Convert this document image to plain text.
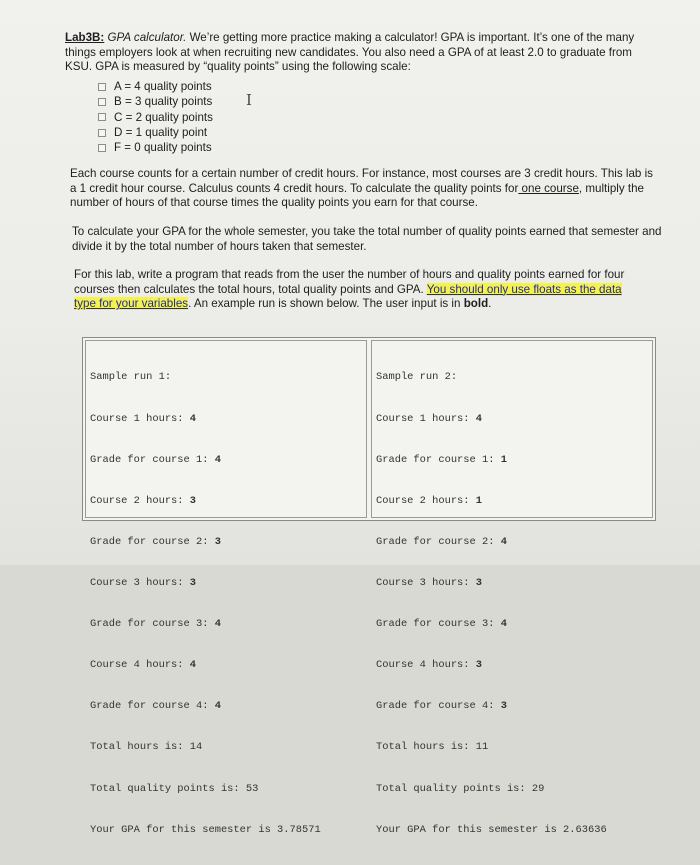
Lab3B: GPA calculator. We’re getting more practice making a calculator! GPA is important. It’s one of the many things employers look at when recruiting new candidates. You also need a GPA of at least 2.0 to graduate from KSU. GPA is measured by “quality points” using the following scale:
A = 4 quality points
B = 3 quality points
C = 2 quality points
D = 1 quality point
F = 0 quality points
I
Each course counts for a certain number of credit hours. For instance, most courses are 3 credit hours. This lab is a 1 credit hour course. Calculus counts 4 credit hours. To calculate the quality points for one course, multiply the number of hours of that course times the quality points you earn for that course.
To calculate your GPA for the whole semester, you take the total number of quality points earned that semester and divide it by the total number of hours taken that semester.
For this lab, write a program that reads from the user the number of hours and quality points earned for four courses then calculates the total hours, total quality points and GPA. You should only use floats as the data type for your variables. An example run is shown below. The user input is in bold.

Sample run 1:

Course 1 hours: 4

Grade for course 1: 4

Course 2 hours: 3

Grade for course 2: 3

Course 3 hours: 3

Grade for course 3: 4

Course 4 hours: 4

Grade for course 4: 4

Total hours is: 14

Total quality points is: 53

Your GPA for this semester is 3.78571

Sample run 2:

Course 1 hours: 4

Grade for course 1: 1

Course 2 hours: 1

Grade for course 2: 4

Course 3 hours: 3

Grade for course 3: 4

Course 4 hours: 3

Grade for course 4: 3

Total hours is: 11

Total quality points is: 29

Your GPA for this semester is 2.63636
